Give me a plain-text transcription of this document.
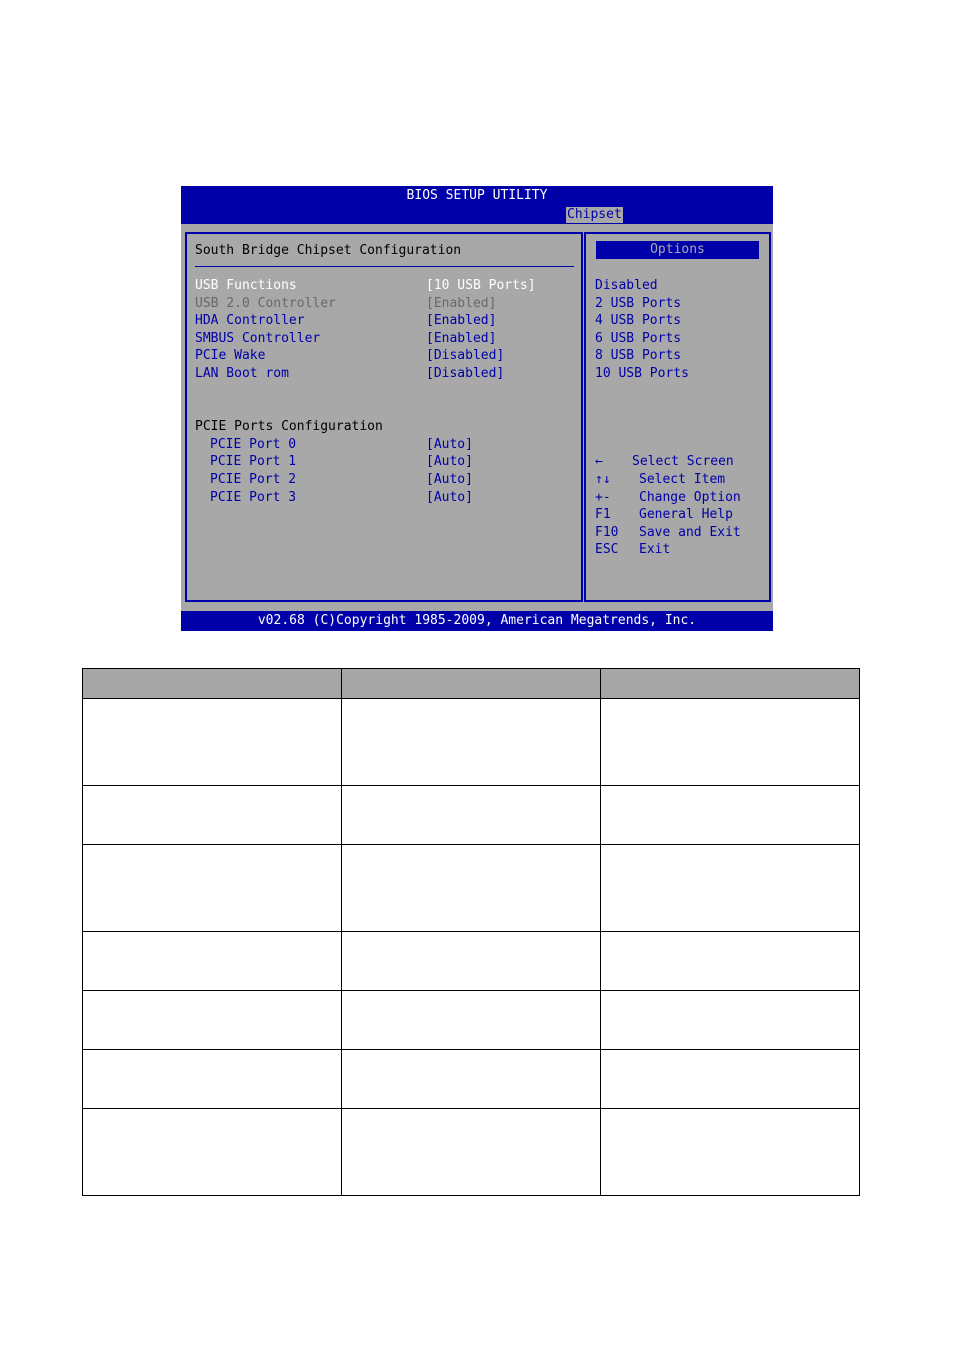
BIOS SETUP UTILITY
Chipset
v02.68 (C)Copyright 1985-2009, American Megatrends, Inc.
South Bridge Chipset Configuration
USB Functions	[10 USB Ports]
USB 2.0 Controller	[Enabled]
HDA Controller	[Enabled]
SMBUS Controller	[Enabled]
PCIe Wake	[Disabled]
LAN Boot rom	[Disabled]
PCIE Ports Configuration
PCIE Port 0	[Auto]
PCIE Port 1	[Auto]
PCIE Port 2	[Auto]
PCIE Port 3	[Auto]
Options
Disabled
2 USB Ports
4 USB Ports
6 USB Ports
8 USB Ports
10 USB Ports
← Select Screen
↑↓ Select Item
+- Change Option
F1 General Help
F10 Save and Exit
ESC Exit
